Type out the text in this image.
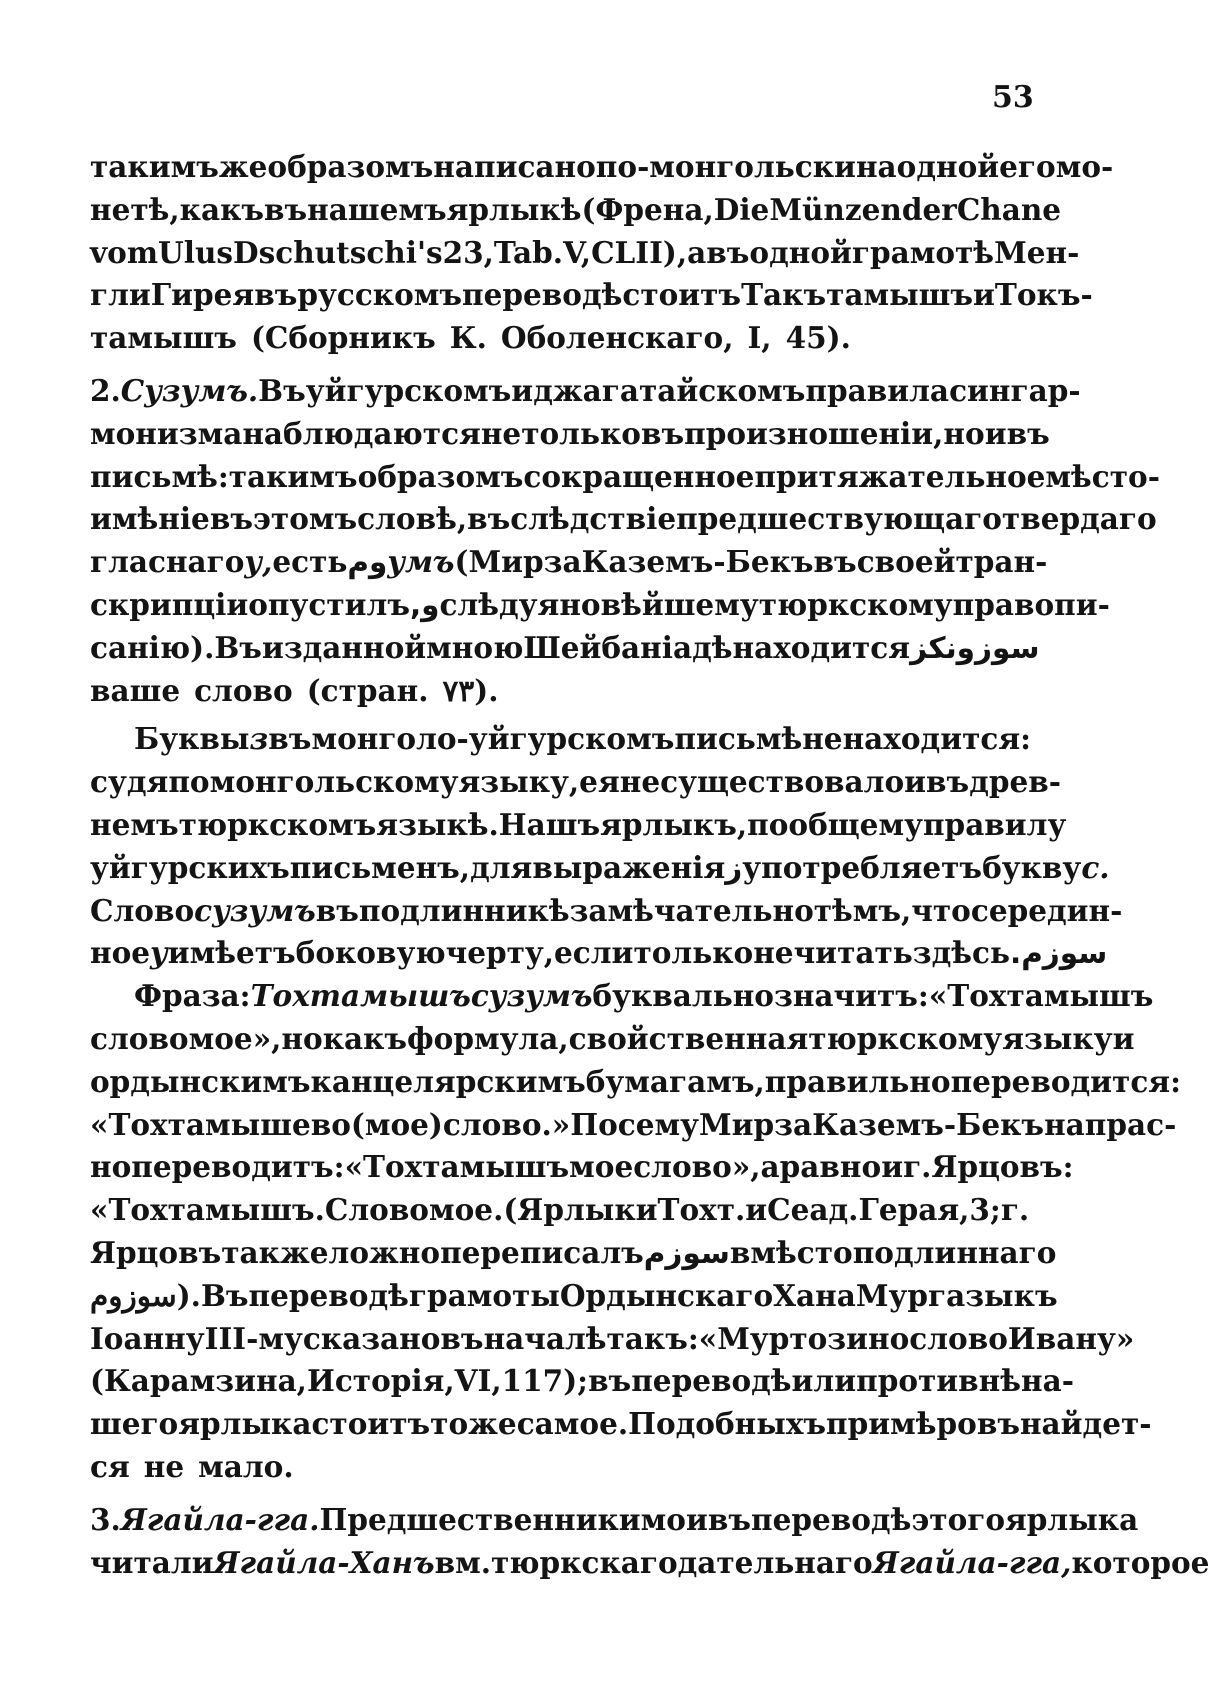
53
такимъ же образомъ написано по-монгольски на одной его мо-
нетѣ, какъ въ нашемъ ярлыкѣ (Френа, Die Münzen der Chane
vom Ulus Dschutschi's 23, Tab. V, CLII), а въ одной грамотѣ Мен-
гли Гирея въ русскомъ переводѣ стоитъ Такътамышъ и Токъ-
тамышъ (Сборникъ К. Оболенскаго, I, 45).
2. Сузумъ. Въ уйгурскомъ и джагатайскомъ правила сингар-
монизма наблюдаются не только въ произношеніи, но и въ
письмѣ: такимъ образомъ сокращенное притяжательное мѣсто-
имѣніе въ этомъ словѣ, въ слѣдствіе предшествующаго твердаго
гласнаго у, есть وم умъ (Мирза Каземъ - Бекъ въ своей тран-
скрипціи опустилъ و, слѣдуя новѣйшему тюркскому правопи-
санію). Въ изданной мною Шейбаніадѣ находится سوزونكز
ваше слово (стран. ٧٣).
Буквы з въ монголо-уйгурскомъ письмѣ не находится:
судя по монгольскому языку, ея не существовало и въ древ-
немъ тюркскомъ языкѣ. Нашъ ярлыкъ, по общему правилу
уйгурскихъ письменъ, для выраженія ز употребляетъ букву с.
Слово сузумъ въ подлинникѣ замѣчательно тѣмъ, что середин-
ное у имѣетъ боковую черту, если только не читать здѣсь سوزم.
Фраза: Тохтамышъ сузумъ буквально значитъ: «Тохтамышъ
слово мое», но какъ формула, свойственная тюркскому языку и
ордынскимъ канцелярскимъ бумагамъ, правильно переводится:
«Тохтамышево (мое) слово.» Посему Мирза Каземъ-Бекъ напрас-
но переводитъ: «Тохтамышъ мое слово», а равно и г. Ярцовъ:
«Тохтамышъ. Слово мое. (Ярлыки Тохт. и Сеад. Герая, 3; г.
Ярцовъ также ложно переписалъ سوزم вмѣсто подлиннаго
سوزوم). Въ переводѣ грамоты Ордынскаго Хана Мургазы къ
Іоанну III-му сказано въ началѣ такъ: «Муртозино слово Ивану»
(Карамзина, Исторія, VI, 117); въ переводѣ или противнѣ на-
шего ярлыка стоитъ тоже самое. Подобныхъ примѣровъ найдет-
ся не мало.
3. Ягайла-гга. Предшественники мои въ переводѣ этого ярлыка
читали Ягайла-Ханъ вм. тюркскаго дательнаго Ягайла-гга, которое
